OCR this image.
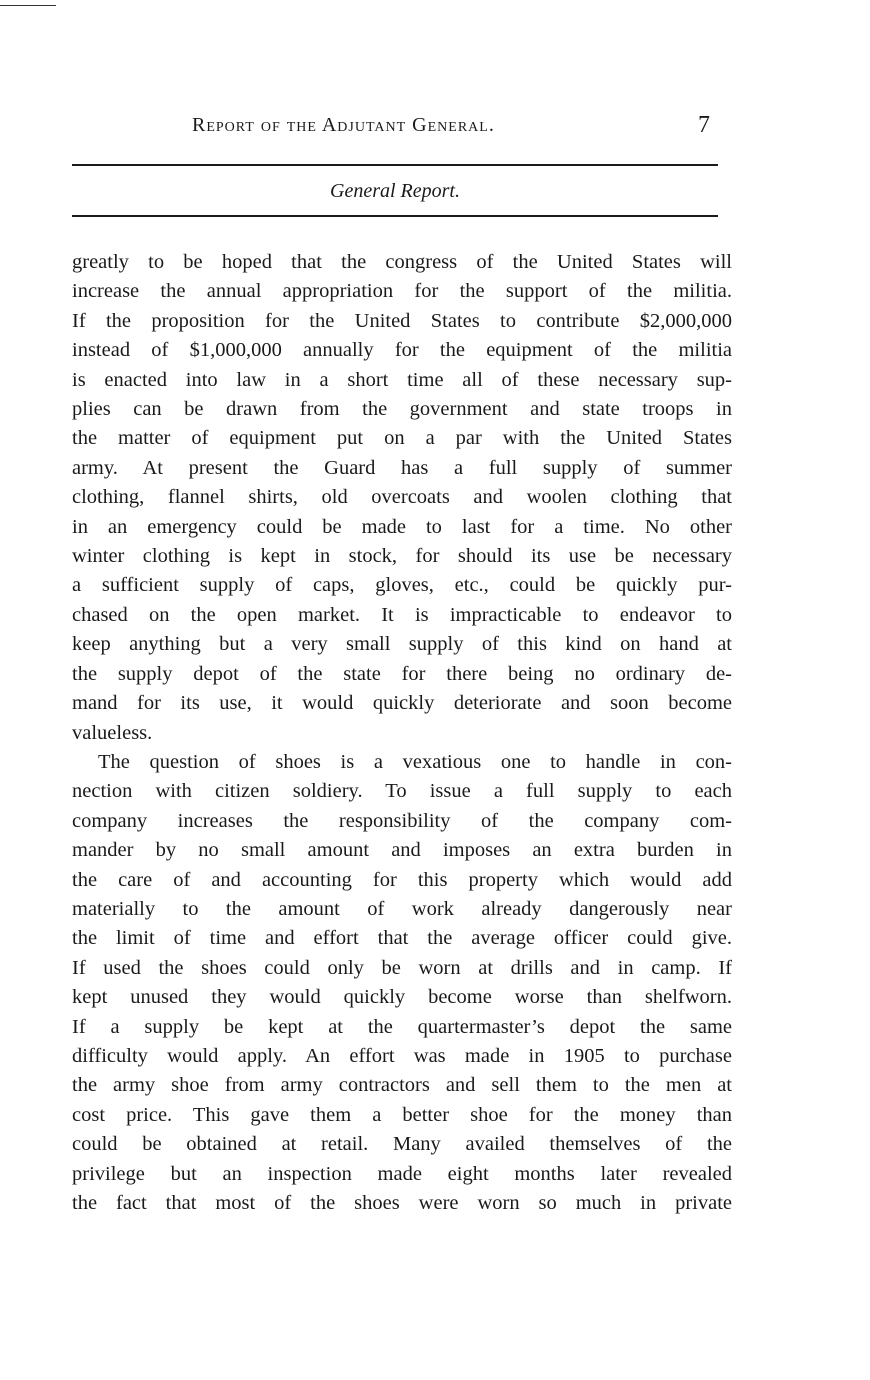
Report of the Adjutant General.	7
General Report.
greatly to be hoped that the congress of the United States will
increase the annual appropriation for the support of the militia.
If the proposition for the United States to contribute $2,000,000
instead of $1,000,000 annually for the equipment of the militia
is enacted into law in a short time all of these necessary sup-
plies can be drawn from the government and state troops in
the matter of equipment put on a par with the United States
army. At present the Guard has a full supply of summer
clothing, flannel shirts, old overcoats and woolen clothing that
in an emergency could be made to last for a time. No other
winter clothing is kept in stock, for should its use be necessary
a sufficient supply of caps, gloves, etc., could be quickly pur-
chased on the open market. It is impracticable to endeavor to
keep anything but a very small supply of this kind on hand at
the supply depot of the state for there being no ordinary de-
mand for its use, it would quickly deteriorate and soon become
valueless.
The question of shoes is a vexatious one to handle in con-
nection with citizen soldiery. To issue a full supply to each
company increases the responsibility of the company com-
mander by no small amount and imposes an extra burden in
the care of and accounting for this property which would add
materially to the amount of work already dangerously near
the limit of time and effort that the average officer could give.
If used the shoes could only be worn at drills and in camp. If
kept unused they would quickly become worse than shelfworn.
If a supply be kept at the quartermaster’s depot the same
difficulty would apply. An effort was made in 1905 to purchase
the army shoe from army contractors and sell them to the men at
cost price. This gave them a better shoe for the money than
could be obtained at retail. Many availed themselves of the
privilege but an inspection made eight months later revealed
the fact that most of the shoes were worn so much in private
